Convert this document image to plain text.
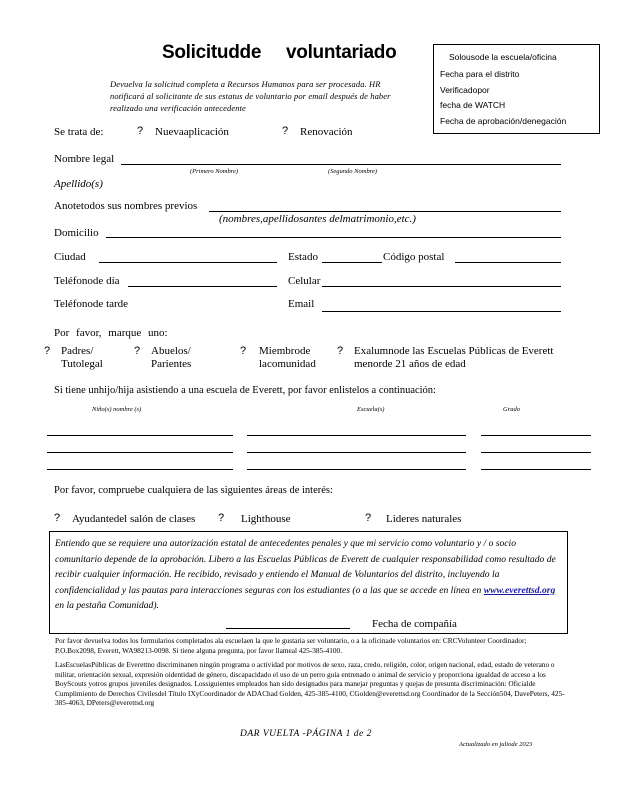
Solicitudde voluntariado
Devuelva la solicitud completa a Recursos Humanos para ser procesada. HR notificará al solicitante de sus estatus de voluntario por email después de haber realizado una verificación antecedente
Solousode la escuela/oficina
Fecha para el distrito
Verificadopor
fecha de WATCH
Fecha de aprobación/denegación
Se trata de:	? Nuevaaplicación	? Renovación
Nombre legal
(Primero Nombre)	(Segundo Nombre)
Apellido(s)
Anotetodos sus nombres previos
(nombres,apellidosantes delmatrimonio,etc.)
Domicilio
Ciudad	Estado	Código postal
Teléfonode día	Celular
Teléfonode tarde	Email
Por favor, marque uno:
? Padres/
Tutolegal
? Abuelos/
Parientes
? Miembrode
lacomunidad
? Exalumnode las Escuelas Públicas de Everett
menorde 21 años de edad
Si tiene unhijo/hija asistiendo a una escuela de Everett, por favor enlistelos a continuación:
Niño(s) nombre (s)	Escuela(s)	Grado
Por favor, compruebe cualquiera de las siguientes áreas de interés:
? Ayudantedel salón de clases ? Lighthouse	? Lideres naturales
Entiendo que se requiere una autorización estatal de antecedentes penales y que mi servicio como voluntario y / o socio comunitario depende de la aprobación. Libero a las Escuelas Públicas de Everett de cualquier responsabilidad como resultado de recibir cualquier información. He recibido, revisado y entiendo el Manual de Voluntarios del distrito, incluyendo la confidencialidad y las pautas para interacciones seguras con los estudiantes (o a las que se accede en línea en www.everettsd.org en la pestaña Comunidad).
Fecha de compañía
Por favor devuelva todos los formularios completados ala escuelaen la que le gustaria ser voluntario, o a la oficinade voluntarios en: CRCVolunteer Coordinador; P.O.Box2098, Everett, WA98213-0098. Si tiene alguna pregunta, por favor llameal 425-385-4100.
LasEscuelasPúblicas de Everettno discriminanen ningún programa o actividad por motivos de sexo, raza, credo, religión, color, origen nacional, edad, estado de veterano o militar, orientación sexual, expresión oidentidad de género, discapacidado el uso de un perro guía entrenado o animal de servicio y proporciona igualdad de acceso a los BoyScouts yotros grupos juveniles designados. Lossiguientes empleados han sido designados para manejar preguntas y quejas de presunta discriminación: Oficialde Cumplimiento de Derechos Civilesdel Título IXyCoordinador de ADAChad Golden, 425-385-4100, CGolden@everettsd.org Coordinador de la Sección504, DavePeters, 425-385-4063, DPeters@everettsd.org
DAR VUELTA -PÁGINA 1 de 2
Actualizado en juliode 2023
